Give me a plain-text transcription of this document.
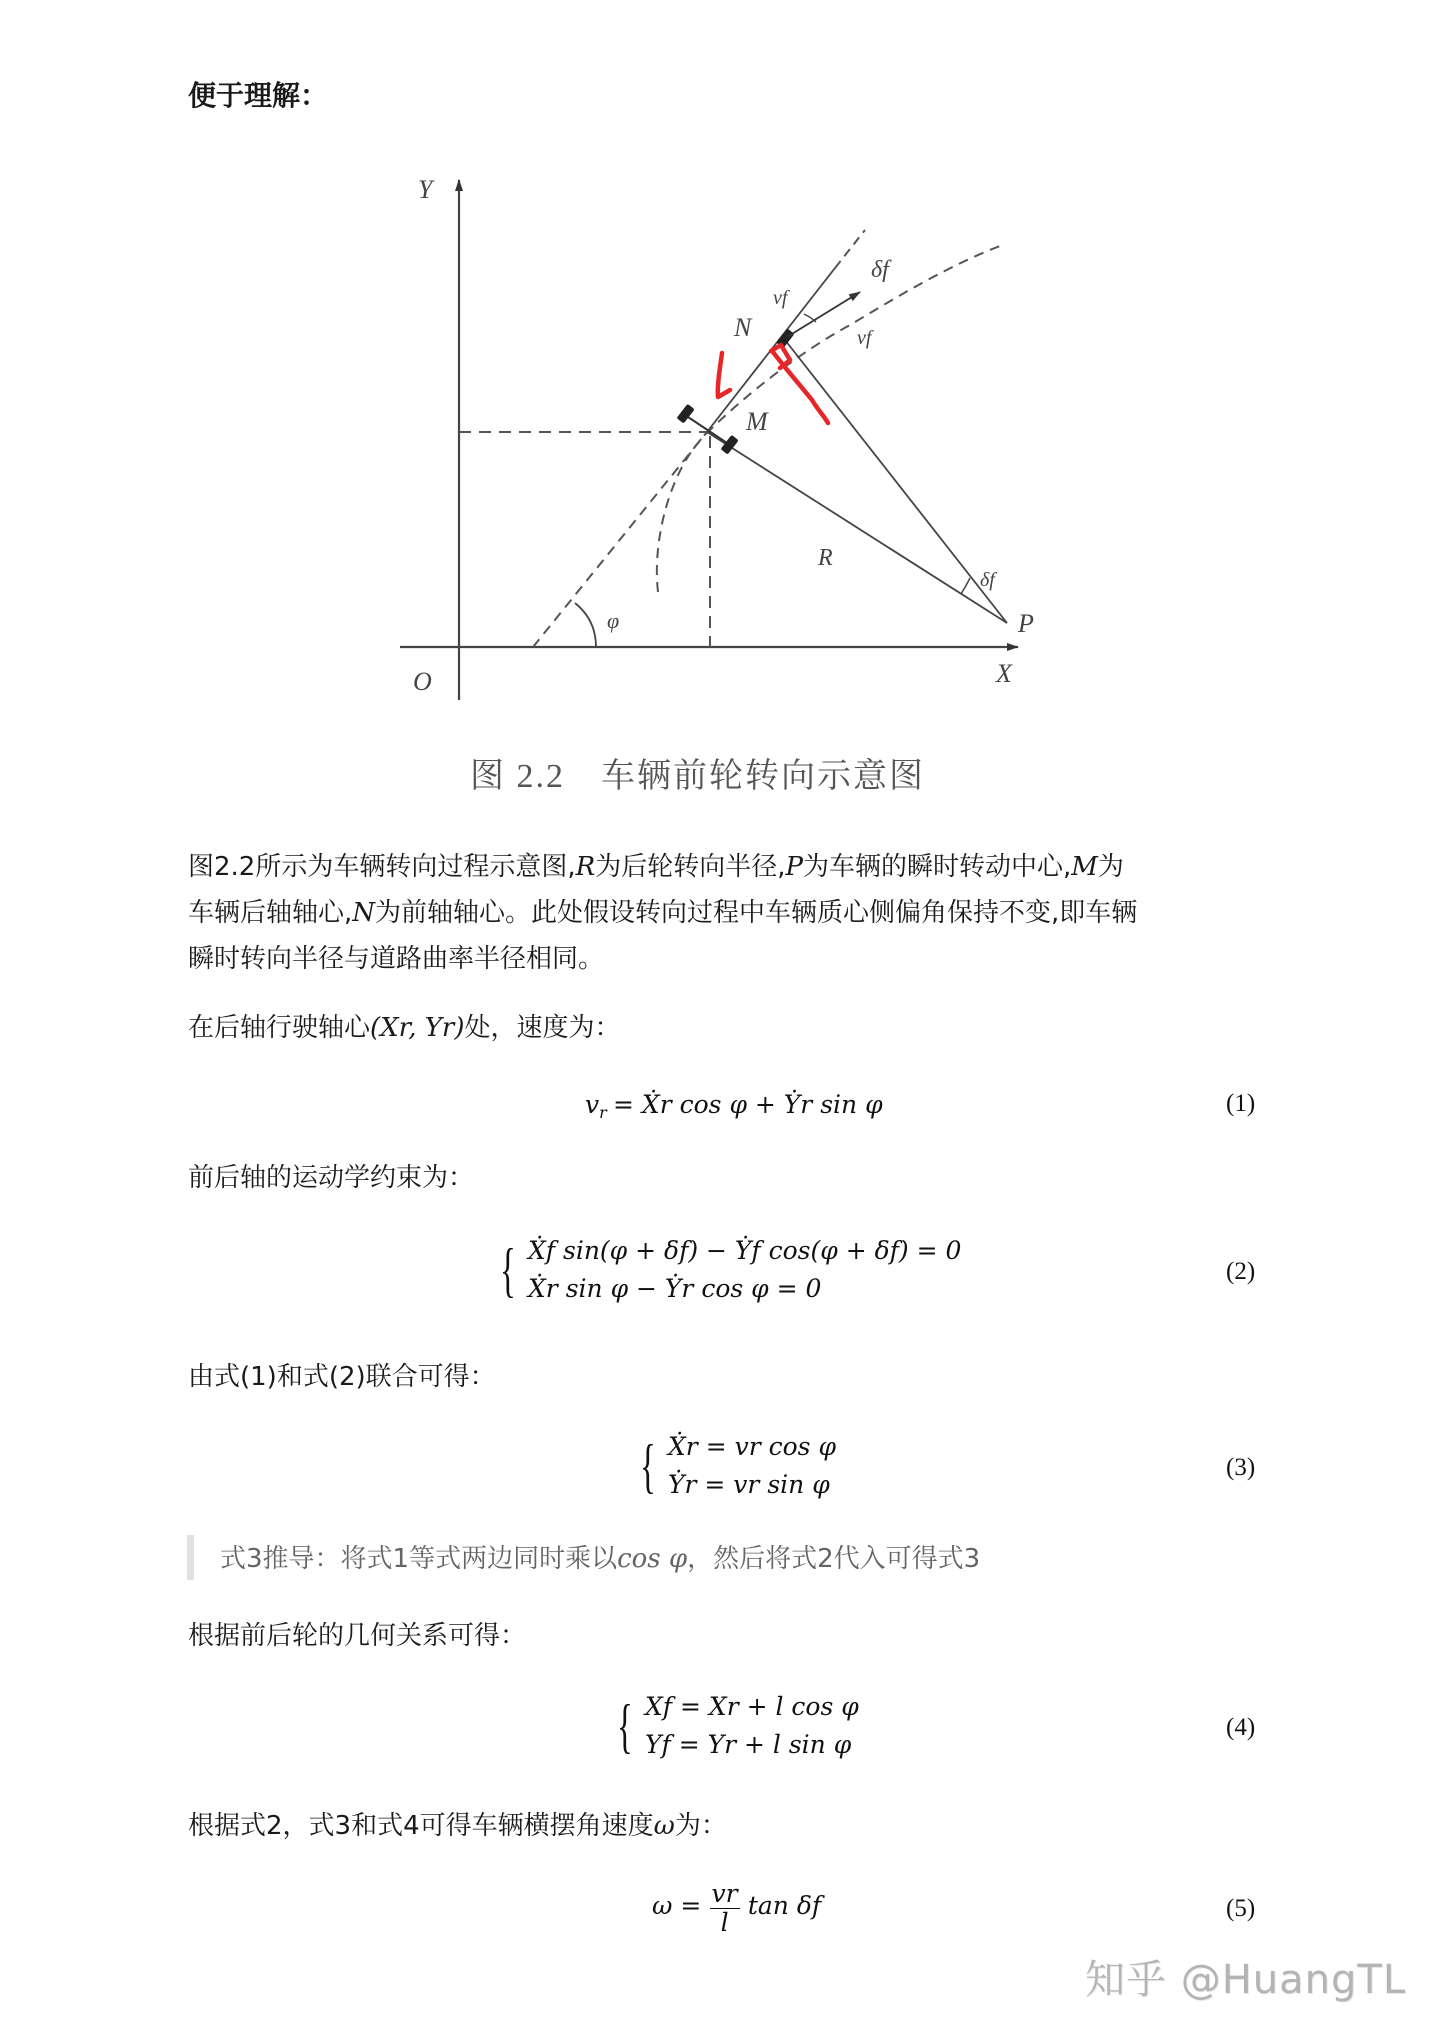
便于理解：
Y
X
O
N
M
P
R
φ
δf
δf
vf
vf
图 2.2　车辆前轮转向示意图
图2.2所示为车辆转向过程示意图,R为后轮转向半径,P为车辆的瞬时转动中心,M为
车辆后轴轴心,N为前轴轴心。此处假设转向过程中车辆质心侧偏角保持不变,即车辆
瞬时转向半径与道路曲率半径相同。
在后轴行驶轴心(Xr, Yr)处，速度为：
$v_r$ = Ẋr cos φ + Ẏr sin φ	(1)
前后轴的运动学约束为：
{ Ẋf sin(φ + δf) − Ẏf cos(φ + δf) = 0
Ẋr sin φ − Ẏr cos φ = 0
(2)
由式(1)和式(2)联合可得：
{ Ẋr = vr cos φ
Ẏr = vr sin φ
(3)
式3推导：将式1等式两边同时乘以cos φ，然后将式2代入可得式3
根据前后轮的几何关系可得：
{ Xf = Xr + l cos φ
Yf = Yr + l sin φ
(4)
根据式2，式3和式4可得车辆横摆角速度ω为：
$\omega = \frac{vr}{l}$ tan δf	(5)
知乎 @HuangTL
